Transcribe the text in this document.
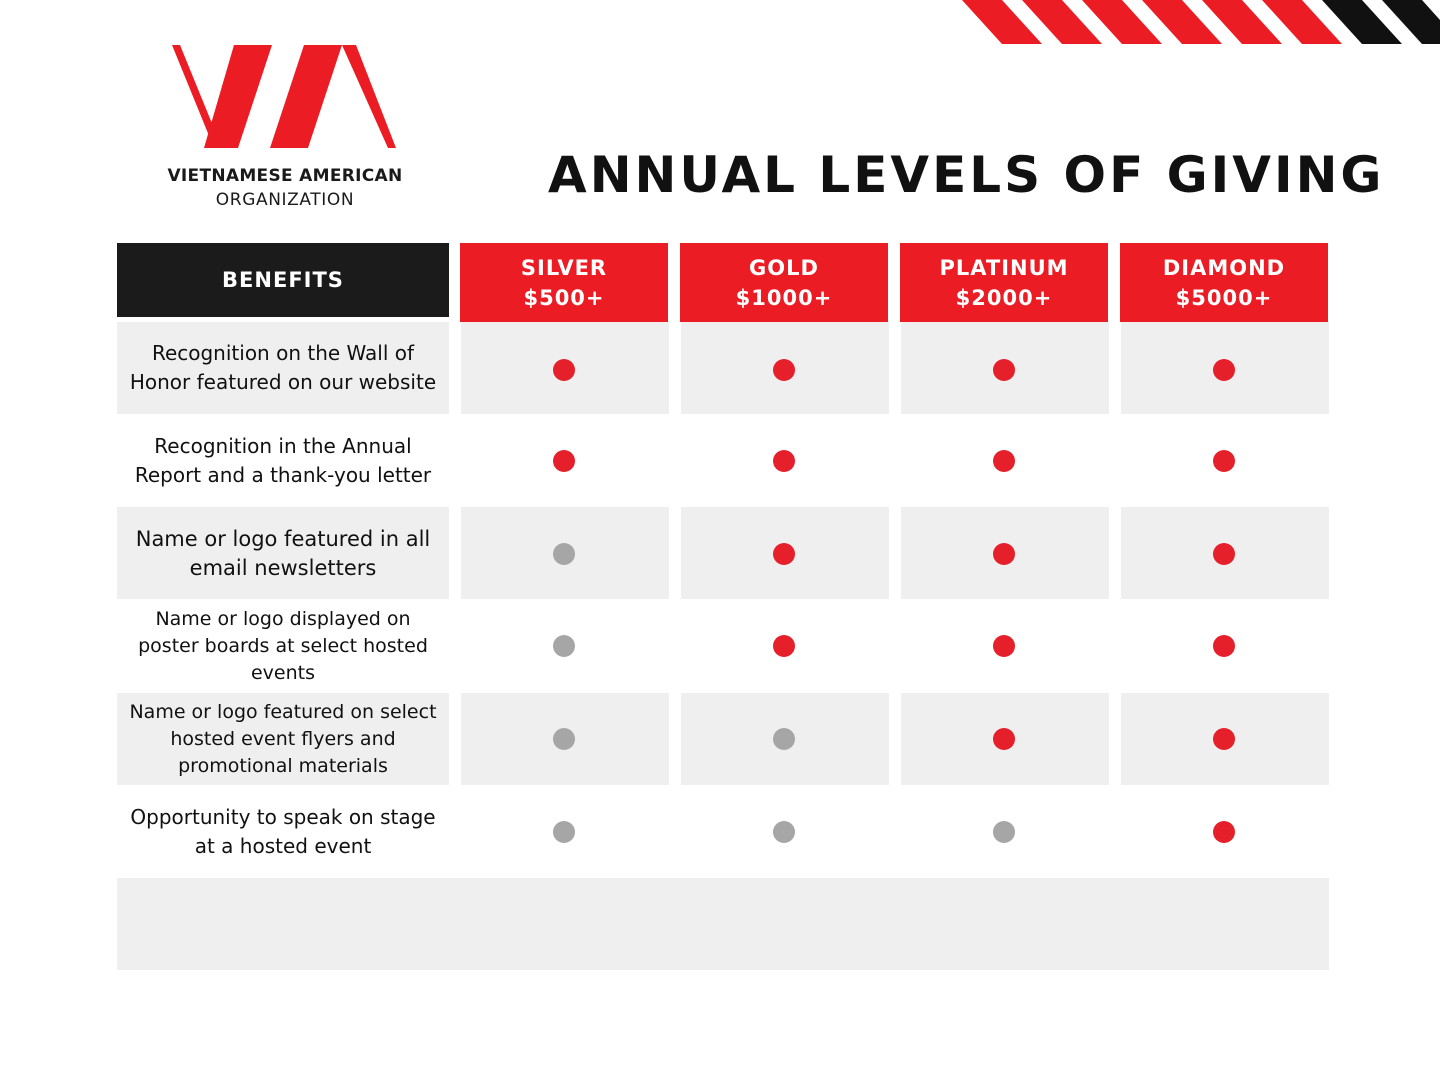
VIETNAMESE AMERICAN
ORGANIZATION	ANNUAL LEVELS OF GIVING
BENEFITS
SILVER
$500+
GOLD
$1000+
PLATINUM
$2000+
DIAMOND
$5000+
Recognition on the Wall of Honor featured on our website
Recognition in the Annual Report and a thank-you letter
Name or logo featured in all email newsletters
Name or logo displayed on poster boards at select hosted events
Name or logo featured on select hosted event flyers and promotional materials
Opportunity to speak on stage at a hosted event
